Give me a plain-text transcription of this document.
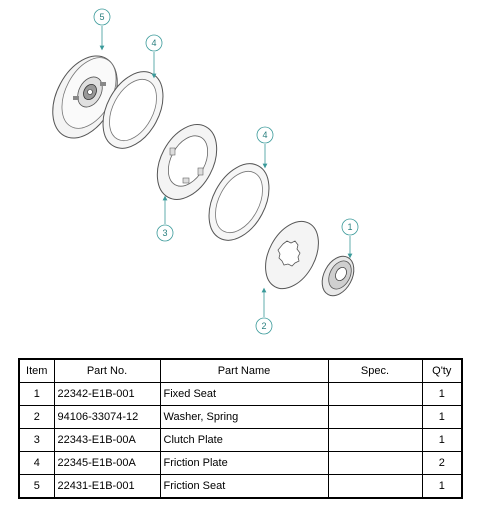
5
4
3
4
1
2
Item	Part No.	Part Name	Spec.	Q'ty
1	22342-E1B-001	Fixed Seat		1
2	94106-33074-12	Washer, Spring		1
3	22343-E1B-00A	Clutch Plate		1
4	22345-E1B-00A	Friction Plate		2
5	22431-E1B-001	Friction Seat		1
